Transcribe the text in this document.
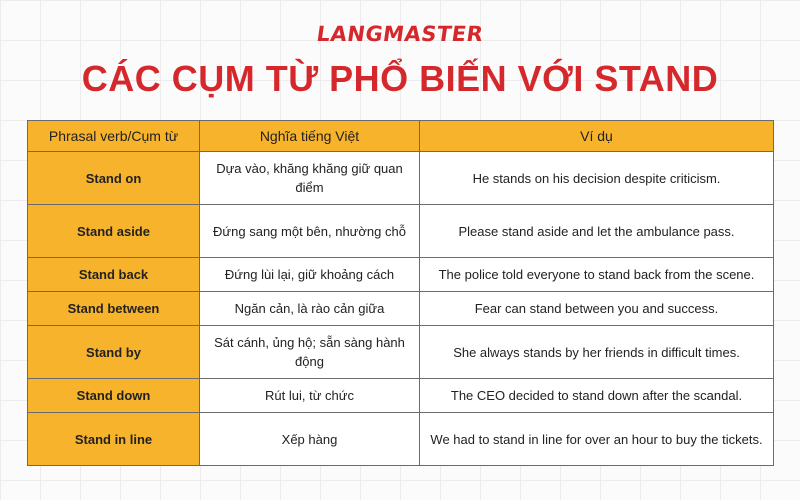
LANGMASTER
CÁC CỤM TỪ PHỔ BIẾN VỚI STAND
Phrasal verb/Cụm từ	Nghĩa tiếng Việt	Ví dụ
Stand on	Dựa vào, khăng khăng giữ quan điểm	He stands on his decision despite criticism.
Stand aside	Đứng sang một bên, nhường chỗ	Please stand aside and let the ambulance pass.
Stand back	Đứng lùi lại, giữ khoảng cách	The police told everyone to stand back from the scene.
Stand between	Ngăn cản, là rào cản giữa	Fear can stand between you and success.
Stand by	Sát cánh, ủng hộ; sẵn sàng hành động	She always stands by her friends in difficult times.
Stand down	Rút lui, từ chức	The CEO decided to stand down after the scandal.
Stand in line	Xếp hàng	We had to stand in line for over an hour to buy the tickets.
